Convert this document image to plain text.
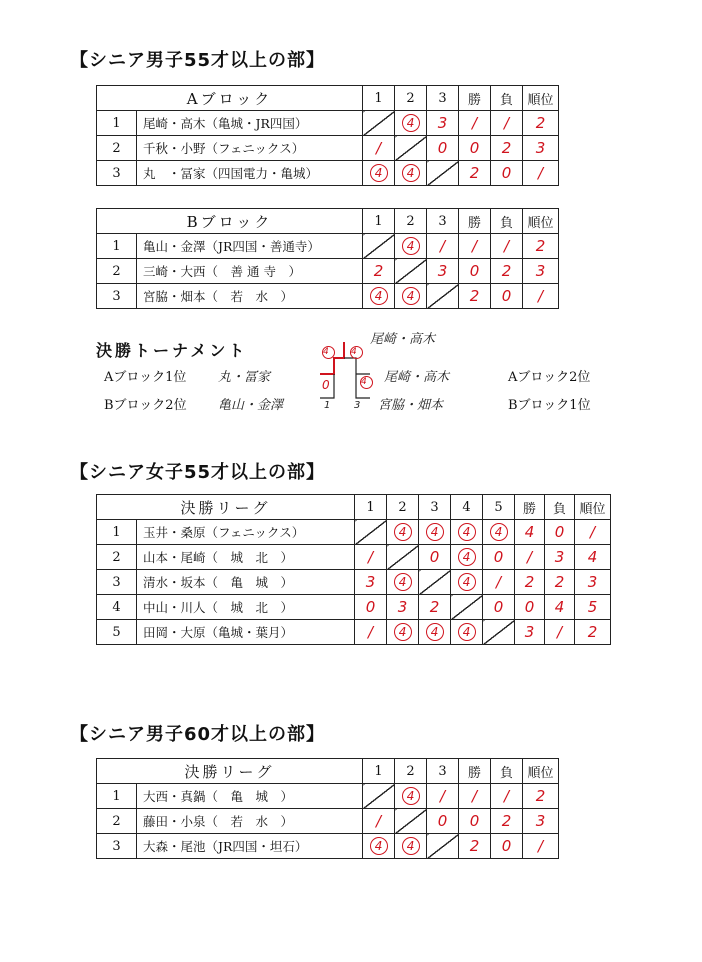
【シニア男子55才以上の部】
Aブロック		1	2	3	勝	負	順位
1	尾崎・高木（亀城・JR四国）		4	3	/	/	2
2	千秋・小野（フェニックス）	/		0	0	2	3
3	丸　・冨家（四国電力・亀城）	4	4		2	0	/
Bブロック		1	2	3	勝	負	順位
1	亀山・金澤（JR四国・善通寺）		4	/	/	/	2
2	三崎・大西（　善 通 寺　）	2		3	0	2	3
3	宮脇・畑本（　若　水　）	4	4		2	0	/
決勝トーナメント
尾崎・高木
Aブロック1位 丸・冨家
Bブロック2位 亀山・金澤
尾崎・高木	Aブロック2位
宮脇・畑本	Bブロック1位
4	4
0	4
1 3
【シニア女子55才以上の部】
決勝リーグ		1	2	3	4	5	勝	負	順位
1	玉井・桑原（フェニックス）		4	4	4	4	4	0	/
2	山本・尾崎（　城　北　）	/		0	4	0	/	3	4
3	清水・坂本（　亀　城　）	3	4		4	/	2	2	3
4	中山・川人（　城　北　）	0	3	2		0	0	4	5
5	田岡・大原（亀城・葉月）	/	4	4	4		3	/	2
【シニア男子60才以上の部】
決勝リーグ		1	2	3	勝	負	順位
1	大西・真鍋（　亀　城　）		4	/	/	/	2
2	藤田・小泉（　若　水　）	/		0	0	2	3
3	大森・尾池（JR四国・坦石）	4	4		2	0	/
